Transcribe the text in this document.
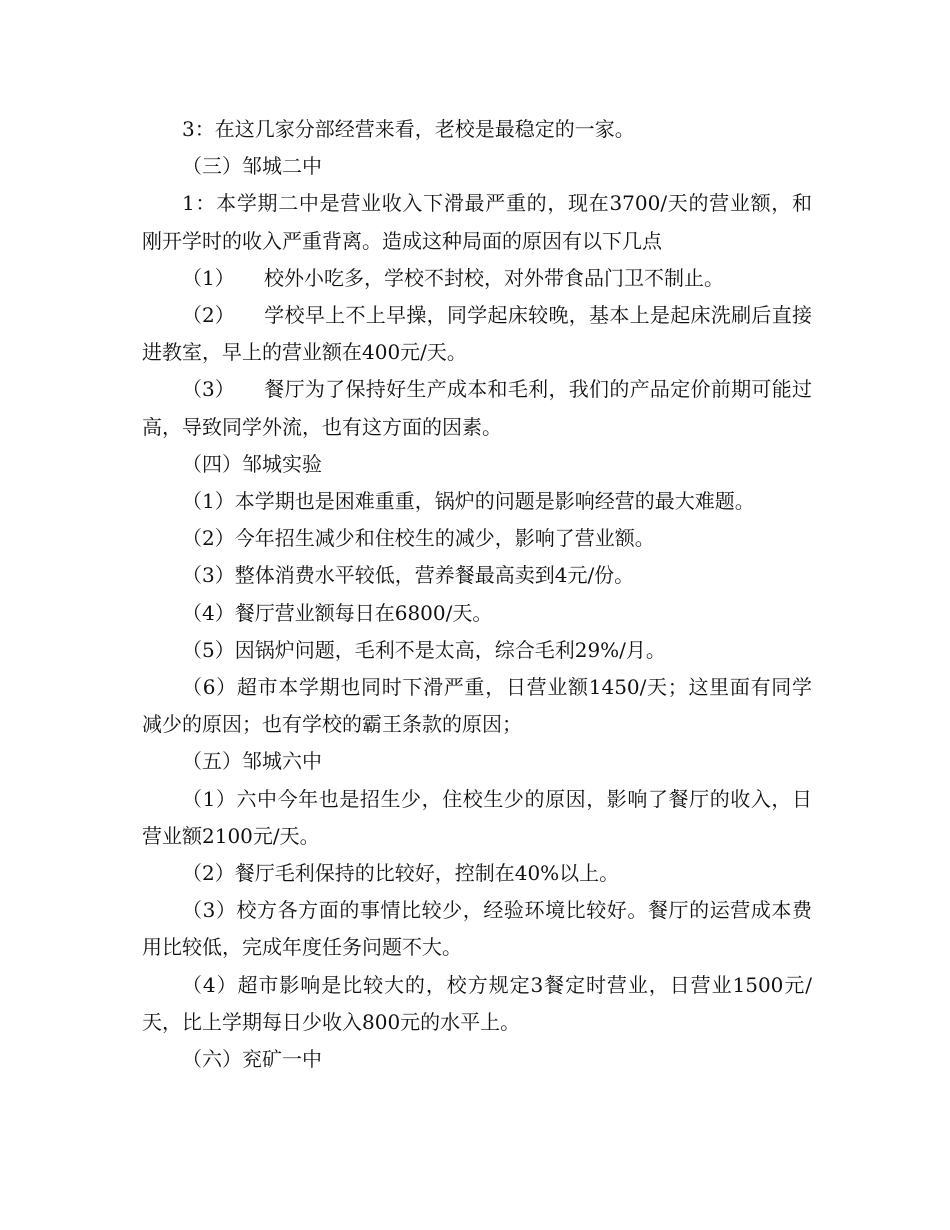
3：在这几家分部经营来看，老校是最稳定的一家。

（三）邹城二中

1：本学期二中是营业收入下滑最严重的，现在3700/天的营业额，和刚开学时的收入严重背离。造成这种局面的原因有以下几点

（1） 校外小吃多，学校不封校，对外带食品门卫不制止。

（2） 学校早上不上早操，同学起床较晚，基本上是起床洗刷后直接进教室，早上的营业额在400元/天。

（3） 餐厅为了保持好生产成本和毛利，我们的产品定价前期可能过高，导致同学外流，也有这方面的因素。

（四）邹城实验

（1）本学期也是困难重重，锅炉的问题是影响经营的最大难题。

（2）今年招生减少和住校生的减少，影响了营业额。

（3）整体消费水平较低，营养餐最高卖到4元/份。

（4）餐厅营业额每日在6800/天。

（5）因锅炉问题，毛利不是太高，综合毛利29%/月。

（6）超市本学期也同时下滑严重，日营业额1450/天；这里面有同学减少的原因；也有学校的霸王条款的原因；

（五）邹城六中

（1）六中今年也是招生少，住校生少的原因，影响了餐厅的收入，日营业额2100元/天。

（2）餐厅毛利保持的比较好，控制在40%以上。

（3）校方各方面的事情比较少，经验环境比较好。餐厅的运营成本费用比较低，完成年度任务问题不大。

（4）超市影响是比较大的，校方规定3餐定时营业，日营业1500元/天，比上学期每日少收入800元的水平上。

（六）兖矿一中
